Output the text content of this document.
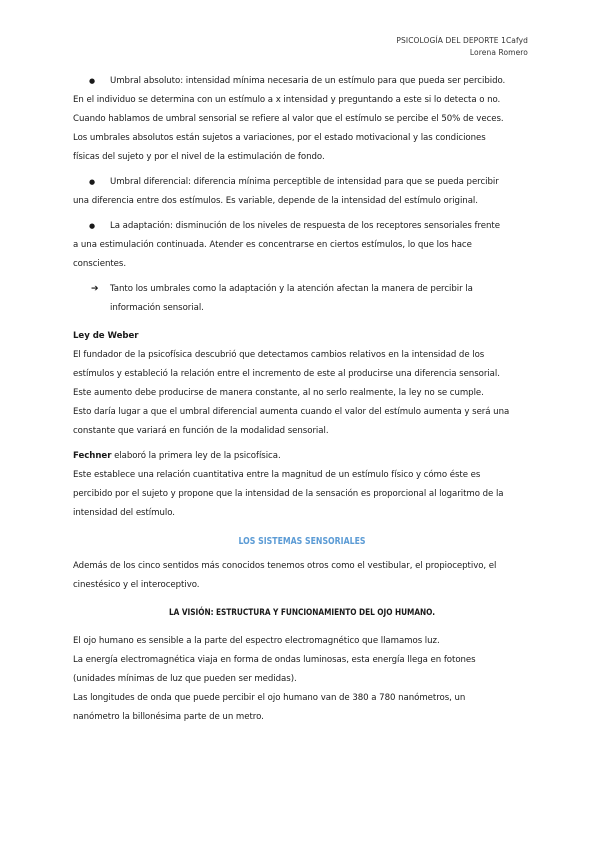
PSICOLOGÍA DEL DEPORTE 1Cafyd
Lorena Romero

● Umbral absoluto: intensidad mínima necesaria de un estímulo para que pueda ser percibido.

En el individuo se determina con un estímulo a x intensidad y preguntando a este si lo detecta o no.

Cuando hablamos de umbral sensorial se refiere al valor que el estímulo se percibe el 50% de veces.

Los umbrales absolutos están sujetos a variaciones, por el estado motivacional y las condiciones

físicas del sujeto y por el nivel de la estimulación de fondo.

● Umbral diferencial: diferencia mínima perceptible de intensidad para que se pueda percibir

una diferencia entre dos estímulos. Es variable, depende de la intensidad del estímulo original.

● La adaptación: disminución de los niveles de respuesta de los receptores sensoriales frente

a una estimulación continuada. Atender es concentrarse en ciertos estímulos, lo que los hace

conscientes.

➔ Tanto los umbrales como la adaptación y la atención afectan la manera de percibir la

información sensorial.

Ley de Weber

El fundador de la psicofísica descubrió que detectamos cambios relativos en la intensidad de los

estímulos y estableció la relación entre el incremento de este al producirse una diferencia sensorial.

Este aumento debe producirse de manera constante, al no serlo realmente, la ley no se cumple.

Esto daría lugar a que el umbral diferencial aumenta cuando el valor del estímulo aumenta y será una

constante que variará en función de la modalidad sensorial.

Fechner elaboró la primera ley de la psicofísica.

Este establece una relación cuantitativa entre la magnitud de un estímulo físico y cómo éste es

percibido por el sujeto y propone que la intensidad de la sensación es proporcional al logaritmo de la

intensidad del estímulo.

LOS SISTEMAS SENSORIALES

Además de los cinco sentidos más conocidos tenemos otros como el vestibular, el propioceptivo, el

cinestésico y el interoceptivo.

LA VISIÓN: ESTRUCTURA Y FUNCIONAMIENTO DEL OJO HUMANO.

El ojo humano es sensible a la parte del espectro electromagnético que llamamos luz.

La energía electromagnética viaja en forma de ondas luminosas, esta energía llega en fotones

(unidades mínimas de luz que pueden ser medidas).

Las longitudes de onda que puede percibir el ojo humano van de 380 a 780 nanómetros, un

nanómetro la billonésima parte de un metro.
